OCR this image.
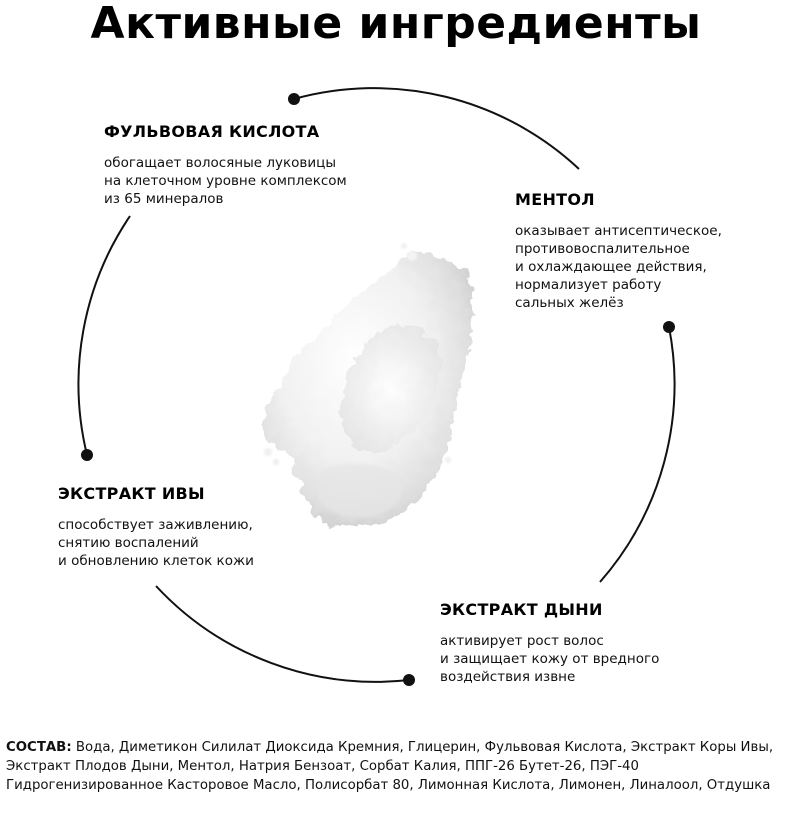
Активные ингредиенты
ФУЛЬВОВАЯ КИСЛОТА

обогащает волосяные луковицы
на клеточном уровне комплексом
из 65 минералов	МЕНТОЛ

оказывает антисептическое,
противовоспалительное
и охлаждающее действия,
нормализует работу
сальных желёз

ЭКСТРАКТ ИВЫ

способствует заживлению,
снятию воспалений
и обновлению клеток кожи

ЭКСТРАКТ ДЫНИ

активирует рост волос
и защищает кожу от вредного
воздействия извне

СОСТАВ: Вода, Диметикон Силилат Диоксида Кремния, Глицерин, Фульвовая Кислота, Экстракт Коры Ивы, Экстракт Плодов Дыни, Ментол, Натрия Бензоат, Сорбат Калия, ППГ-26 Бутет-26, ПЭГ-40 Гидрогенизированное Касторовое Масло, Полисорбат 80, Лимонная Кислота, Лимонен, Линалоол, Отдушка
